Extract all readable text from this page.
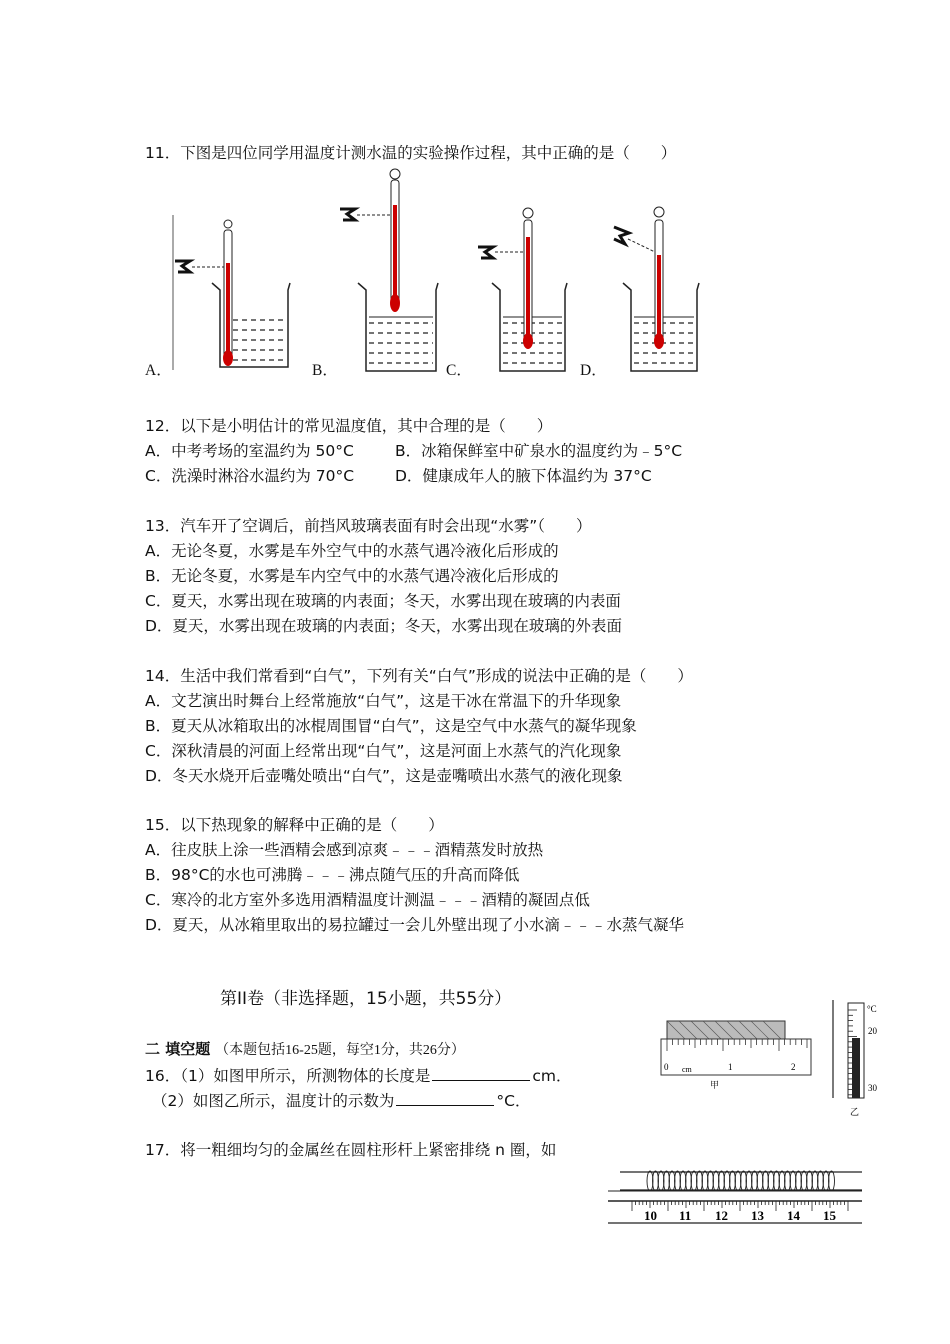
11．下图是四位同学用温度计测水温的实验操作过程，其中正确的是（　　）
A．	B．	C．	D．
12．以下是小明估计的常见温度值，其中合理的是（　　）
A．中考考场的室温约为 50°C	B．冰箱保鲜室中矿泉水的温度约为﹣5°C
C．洗澡时淋浴水温约为 70°C	D．健康成年人的腋下体温约为 37°C
13．汽车开了空调后，前挡风玻璃表面有时会出现“水雾”（　　）
A．无论冬夏，水雾是车外空气中的水蒸气遇冷液化后形成的
B．无论冬夏，水雾是车内空气中的水蒸气遇冷液化后形成的
C．夏天，水雾出现在玻璃的内表面；冬天，水雾出现在玻璃的内表面
D．夏天，水雾出现在玻璃的内表面；冬天，水雾出现在玻璃的外表面
14．生活中我们常看到“白气”，下列有关“白气”形成的说法中正确的是（　　）
A．文艺演出时舞台上经常施放“白气”，这是干冰在常温下的升华现象
B．夏天从冰箱取出的冰棍周围冒“白气”，这是空气中水蒸气的凝华现象
C．深秋清晨的河面上经常出现“白气”，这是河面上水蒸气的汽化现象
D．冬天水烧开后壶嘴处喷出“白气”，这是壶嘴喷出水蒸气的液化现象
15．以下热现象的解释中正确的是（　　）
A．往皮肤上涂一些酒精会感到凉爽﹣﹣﹣酒精蒸发时放热
B．98°C的水也可沸腾﹣﹣﹣沸点随气压的升高而降低
C．寒冷的北方室外多选用酒精温度计测温﹣﹣﹣酒精的凝固点低
D．夏天，从冰箱里取出的易拉罐过一会儿外壁出现了小水滴﹣﹣﹣水蒸气凝华
第II卷（非选择题，15小题，共55分）
二 填空题 （本题包括16-25题，每空1分，共26分）
16．（1）如图甲所示，所测物体的长度是	cm．
（2）如图乙所示，温度计的示数为	°C．
0 cm	1	2
甲
°C
20
30
乙
17．将一粗细均匀的金属丝在圆柱形杆上紧密排绕 n 圈，如
10 11 12 13 14 15
